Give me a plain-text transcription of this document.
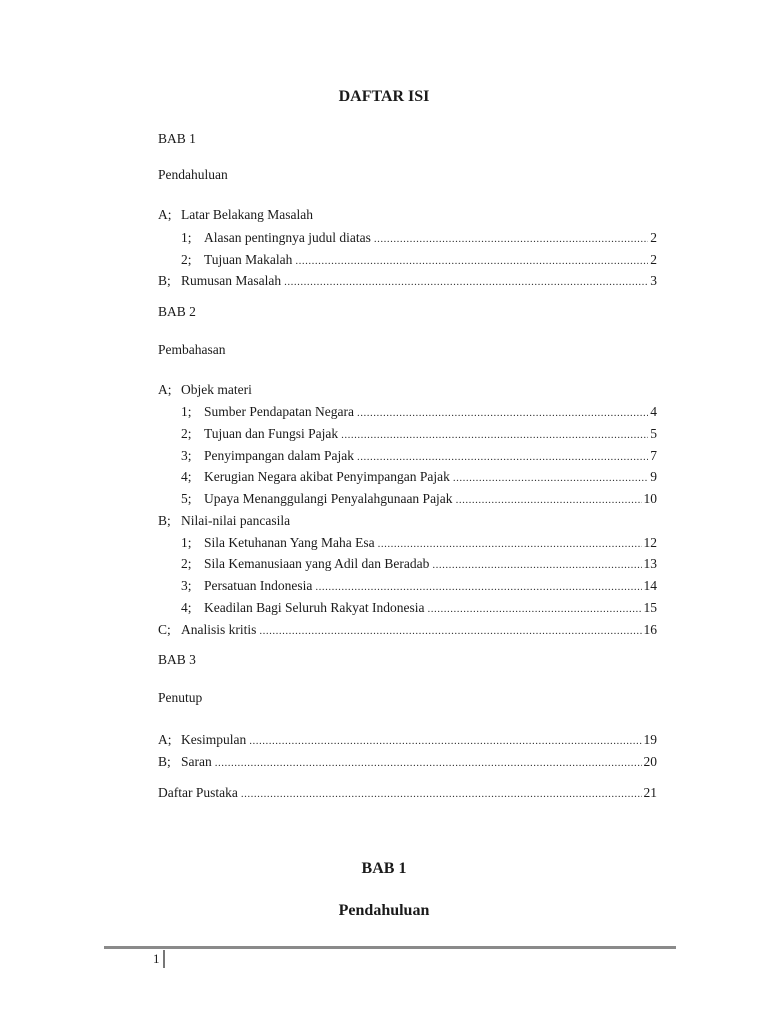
DAFTAR ISI
BAB 1
Pendahuluan
A; Latar Belakang Masalah
1; Alasan pentingnya judul diatas .....	2
2; Tujuan Makalah .....	2
B; Rumusan Masalah .....	3
BAB 2
Pembahasan
A; Objek materi
1; Sumber Pendapatan Negara .....	4
2; Tujuan dan Fungsi Pajak .....	5
3; Penyimpangan dalam Pajak .....	7
4; Kerugian Negara akibat Penyimpangan Pajak .....	9
5; Upaya Menanggulangi Penyalahgunaan Pajak .....	10
B; Nilai-nilai pancasila
1; Sila Ketuhanan Yang Maha Esa .....	12
2; Sila Kemanusiaan yang Adil dan Beradab .....	13
3; Persatuan Indonesia .....	14
4; Keadilan Bagi Seluruh Rakyat Indonesia .....	15
C; Analisis kritis .....	16
BAB 3
Penutup
A; Kesimpulan .....	19
B; Saran .....	20
Daftar Pustaka .....	21
BAB 1
Pendahuluan
1
